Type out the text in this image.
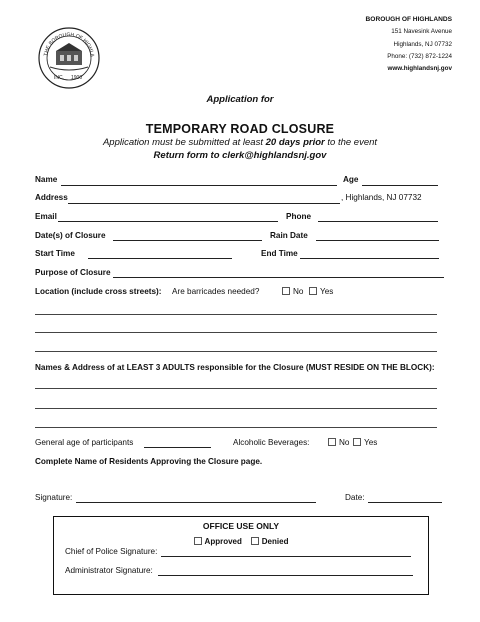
THE BOROUGH OF HIGHLA
INC. 1900
BOROUGH OF HIGHLANDS
151 Navesink Avenue
Highlands, NJ 07732
Phone: (732) 872-1224
www.highlandsnj.gov
Application for
TEMPORARY ROAD CLOSURE
Application must be submitted at least 20 days prior to the event
Return form to clerk@highlandsnj.gov
Name	Age
Address	, Highlands, NJ 07732
Email	Phone
Date(s) of Closure	Rain Date
Start Time	End Time
Purpose of Closure
Location (include cross streets): Are barricades needed?	No	Yes
Names & Address of at LEAST 3 ADULTS responsible for the Closure (MUST RESIDE ON THE BLOCK):
General age of participants	Alcoholic Beverages:	No	Yes
Complete Name of Residents Approving the Closure page.
Signature:	Date:
OFFICE USE ONLY
Approved Denied
Chief of Police Signature:
Administrator Signature:
